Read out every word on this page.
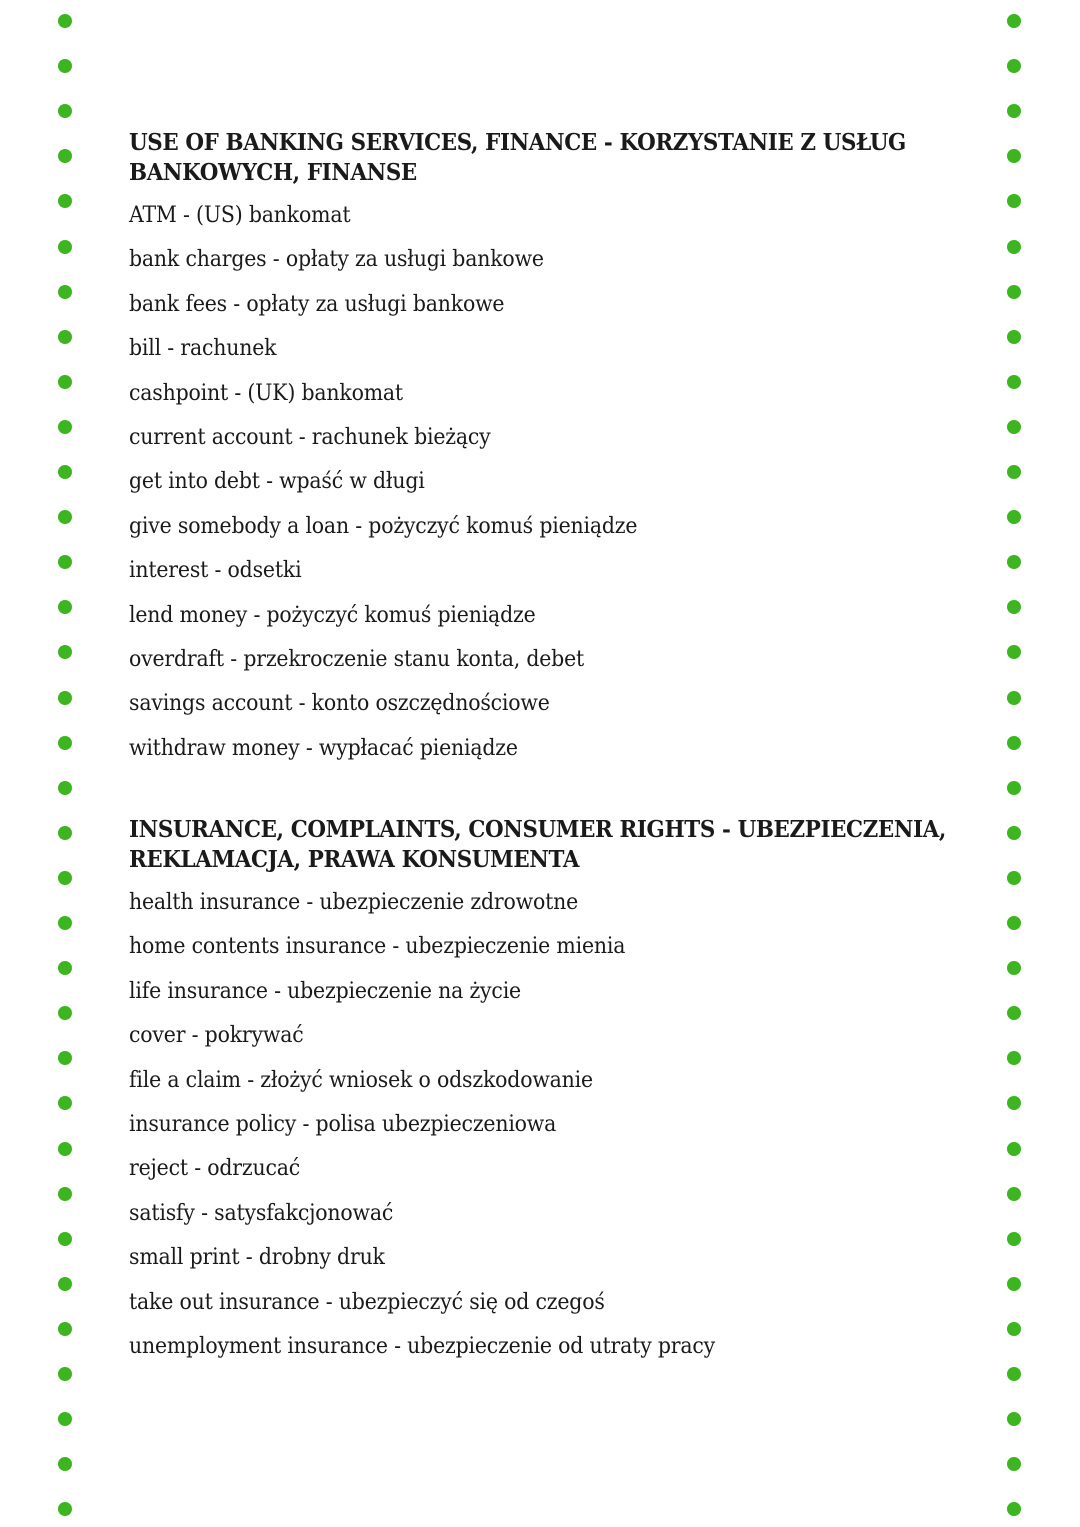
USE OF BANKING SERVICES, FINANCE - KORZYSTANIE Z USŁUG
BANKOWYCH, FINANSE
ATM - (US) bankomat
bank charges - opłaty za usługi bankowe
bank fees - opłaty za usługi bankowe
bill - rachunek
cashpoint - (UK) bankomat
current account - rachunek bieżący
get into debt - wpaść w długi
give somebody a loan - pożyczyć komuś pieniądze
interest - odsetki
lend money - pożyczyć komuś pieniądze
overdraft - przekroczenie stanu konta, debet
savings account - konto oszczędnościowe
withdraw money - wypłacać pieniądze
INSURANCE, COMPLAINTS, CONSUMER RIGHTS - UBEZPIECZENIA,
REKLAMACJA, PRAWA KONSUMENTA
health insurance - ubezpieczenie zdrowotne
home contents insurance - ubezpieczenie mienia
life insurance - ubezpieczenie na życie
cover - pokrywać
file a claim - złożyć wniosek o odszkodowanie
insurance policy - polisa ubezpieczeniowa
reject - odrzucać
satisfy - satysfakcjonować
small print - drobny druk
take out insurance - ubezpieczyć się od czegoś
unemployment insurance - ubezpieczenie od utraty pracy
